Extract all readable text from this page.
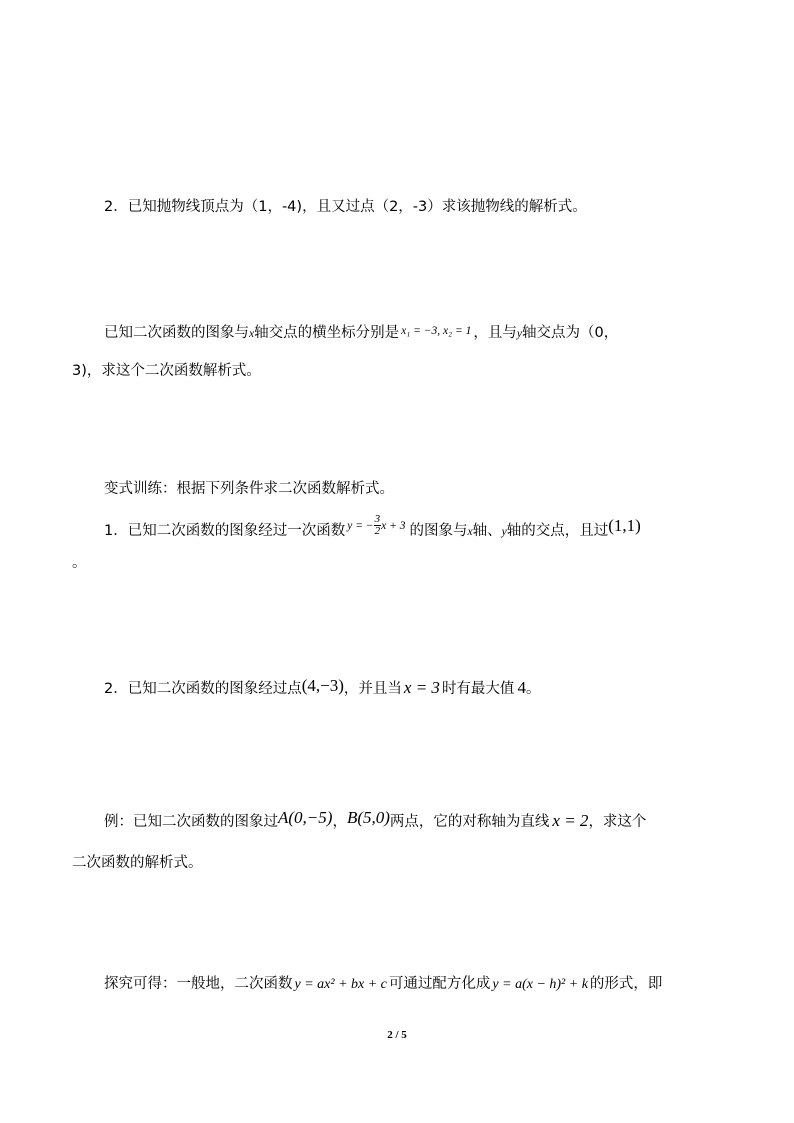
2．已知抛物线顶点为（1，-4)，且又过点（2，-3）求该抛物线的解析式。
已知二次函数的图象与x轴交点的横坐标分别是 $^{x_1 = -3, x_2 = 1}$ ，且与y轴交点为（0，
3)，求这个二次函数解析式。
变式训练：根据下列条件求二次函数解析式。
1．已知二次函数的图象经过一次函数 $^{y = -} \frac{3}{2} ^{x + 3}$ 的图象与x轴、y轴的交点，且过(1,1)
。
2．已知二次函数的图象经过点(4,−3)，并且当 x = 3 时有最大值 4。
例：已知二次函数的图象过A(0,−5)，B(5,0)两点，它的对称轴为直线 x = 2，求这个
二次函数的解析式。
探究可得：一般地，二次函数 y = ax² + bx + c 可通过配方化成 y = a(x − h)² + k 的形式，即
2 / 5
